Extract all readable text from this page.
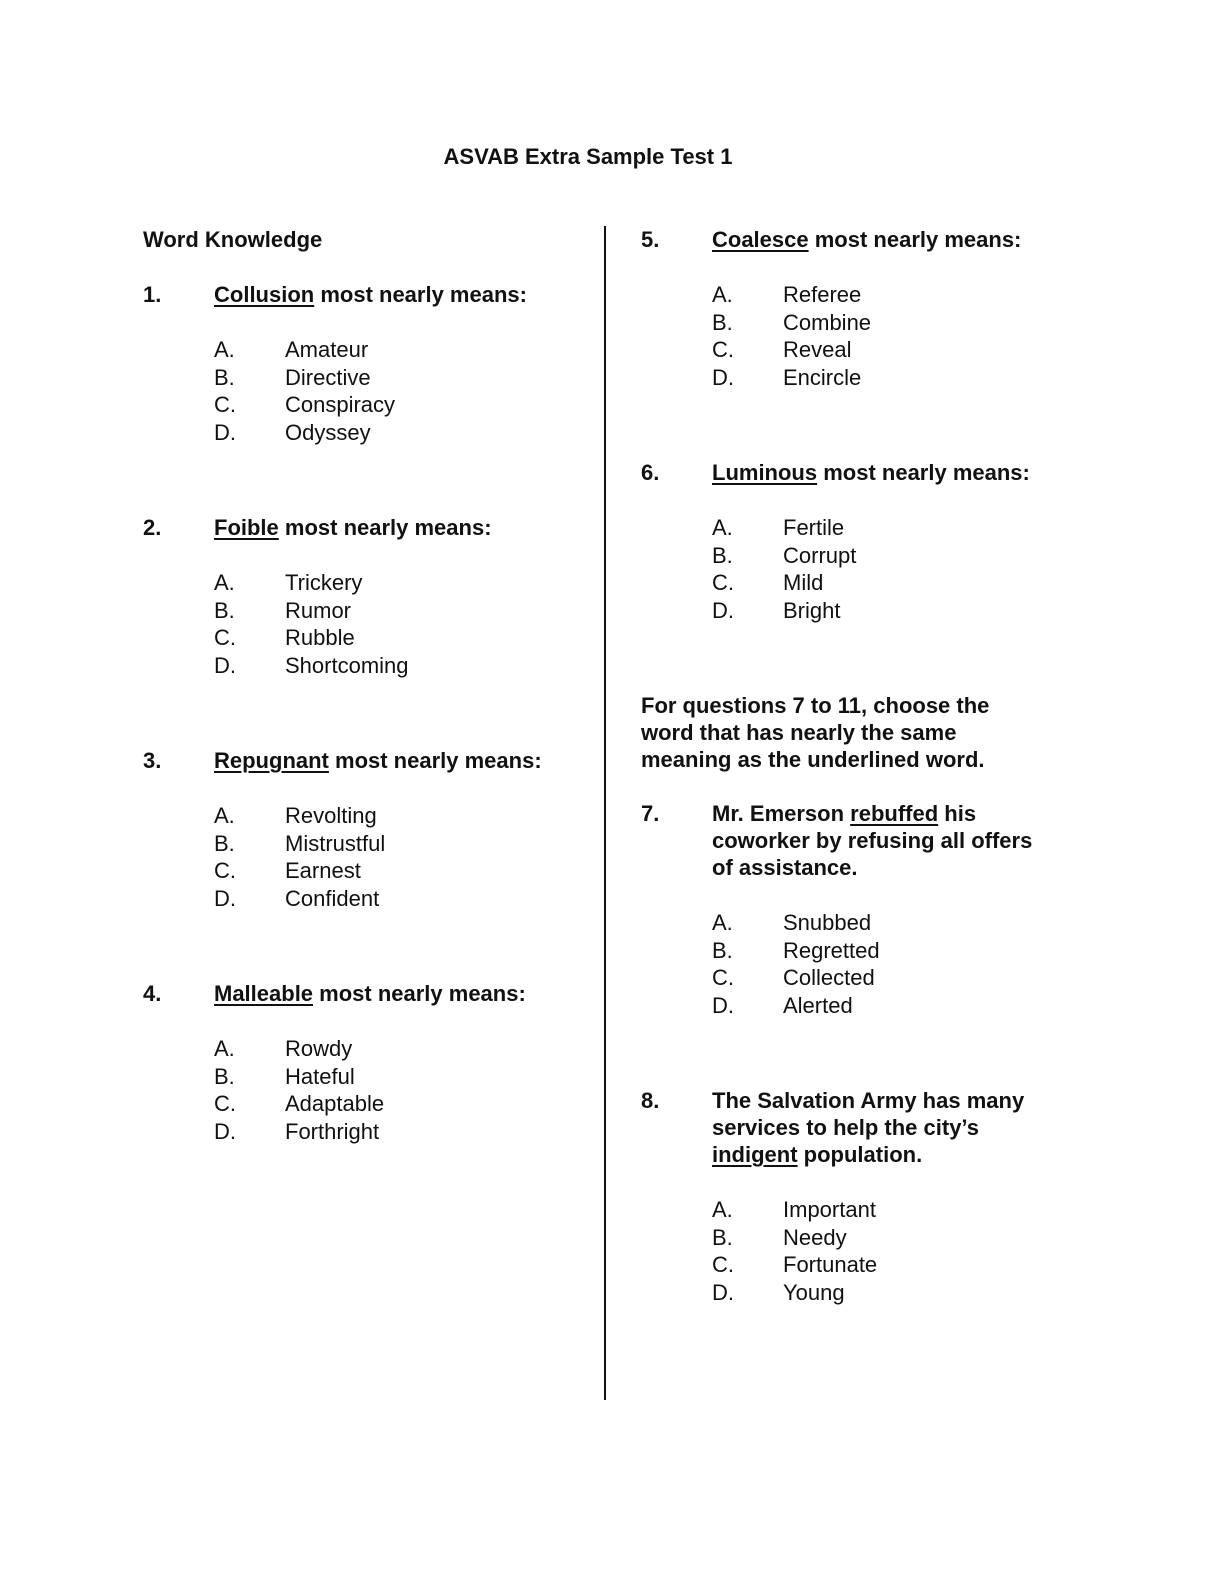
ASVAB Extra Sample Test 1
Word Knowledge
1.	Collusion most nearly means:
A.	Amateur
B.	Directive
C.	Conspiracy
D.	Odyssey
2.	Foible most nearly means:
A.	Trickery
B.	Rumor
C.	Rubble
D.	Shortcoming
3.	Repugnant most nearly means:
A.	Revolting
B.	Mistrustful
C.	Earnest
D.	Confident
4.	Malleable most nearly means:
A.	Rowdy
B.	Hateful
C.	Adaptable
D.	Forthright
5.	Coalesce most nearly means:
A.	Referee
B.	Combine
C.	Reveal
D.	Encircle
6.	Luminous most nearly means:
A.	Fertile
B.	Corrupt
C.	Mild
D.	Bright
For questions 7 to 11, choose the word that has nearly the same meaning as the underlined word.
7.	Mr. Emerson rebuffed his coworker by refusing all offers of assistance.
A.	Snubbed
B.	Regretted
C.	Collected
D.	Alerted
8.	The Salvation Army has many services to help the city’s indigent population.
A.	Important
B.	Needy
C.	Fortunate
D.	Young
